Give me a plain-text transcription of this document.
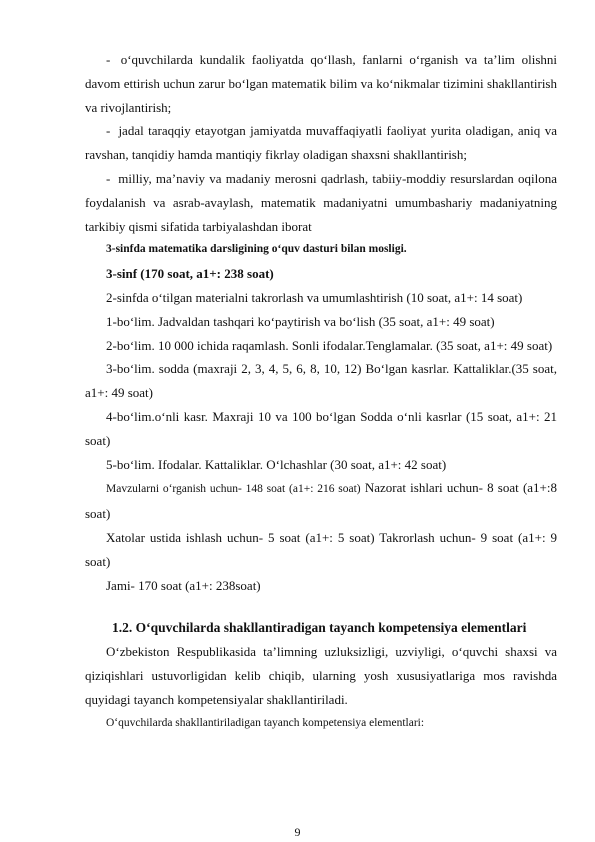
- o‘quvchilarda kundalik faoliyatda qo‘llash, fanlarni o‘rganish va ta’lim olishni davom ettirish uchun zarur bo‘lgan matematik bilim va ko‘nikmalar tizimini shakllantirish va rivojlantirish;

- jadal taraqqiy etayotgan jamiyatda muvaffaqiyatli faoliyat yurita oladigan, aniq va ravshan, tanqidiy hamda mantiqiy fikrlay oladigan shaxsni shakllantirish;

- milliy, ma’naviy va madaniy merosni qadrlash, tabiiy-moddiy resurslardan oqilona foydalanish va asrab-avaylash, matematik madaniyatni umumbashariy madaniyatning tarkibiy qismi sifatida tarbiyalashdan iborat

3-sinfda matematika darsligining o‘quv dasturi bilan mosligi.

3-sinf (170 soat, a1+: 238 soat)

2-sinfda o‘tilgan materialni takrorlash va umumlashtirish (10 soat, a1+: 14 soat)

1-bo‘lim. Jadvaldan tashqari ko‘paytirish va bo‘lish (35 soat, a1+: 49 soat)

2-bo‘lim. 10 000 ichida raqamlash. Sonli ifodalar.Tenglamalar. (35 soat, a1+: 49 soat)

3-bo‘lim. sodda (maxraji 2, 3, 4, 5, 6, 8, 10, 12) Bo‘lgan kasrlar. Kattaliklar.(35 soat, a1+: 49 soat)

4-bo‘lim.o‘nli kasr. Maxraji 10 va 100 bo‘lgan Sodda o‘nli kasrlar (15 soat, a1+: 21 soat)

5-bo‘lim. Ifodalar. Kattaliklar. O‘lchashlar (30 soat, a1+: 42 soat)

Mavzularni o‘rganish uchun- 148 soat (a1+: 216 soat) Nazorat ishlari uchun- 8 soat (a1+:8 soat)

Xatolar ustida ishlash uchun- 5 soat (a1+: 5 soat) Takrorlash uchun- 9 soat (a1+: 9 soat)

Jami- 170 soat (a1+: 238soat)

1.2. O‘quvchilarda shakllantiradigan tayanch kompetensiya elementlari

O‘zbekiston Respublikasida ta’limning uzluksizligi, uzviyligi, o‘quvchi shaxsi va qiziqishlari ustuvorligidan kelib chiqib, ularning yosh xususiyatlariga mos ravishda quyidagi tayanch kompetensiyalar shakllantiriladi.

O‘quvchilarda shakllantiriladigan tayanch kompetensiya elementlari:

9
